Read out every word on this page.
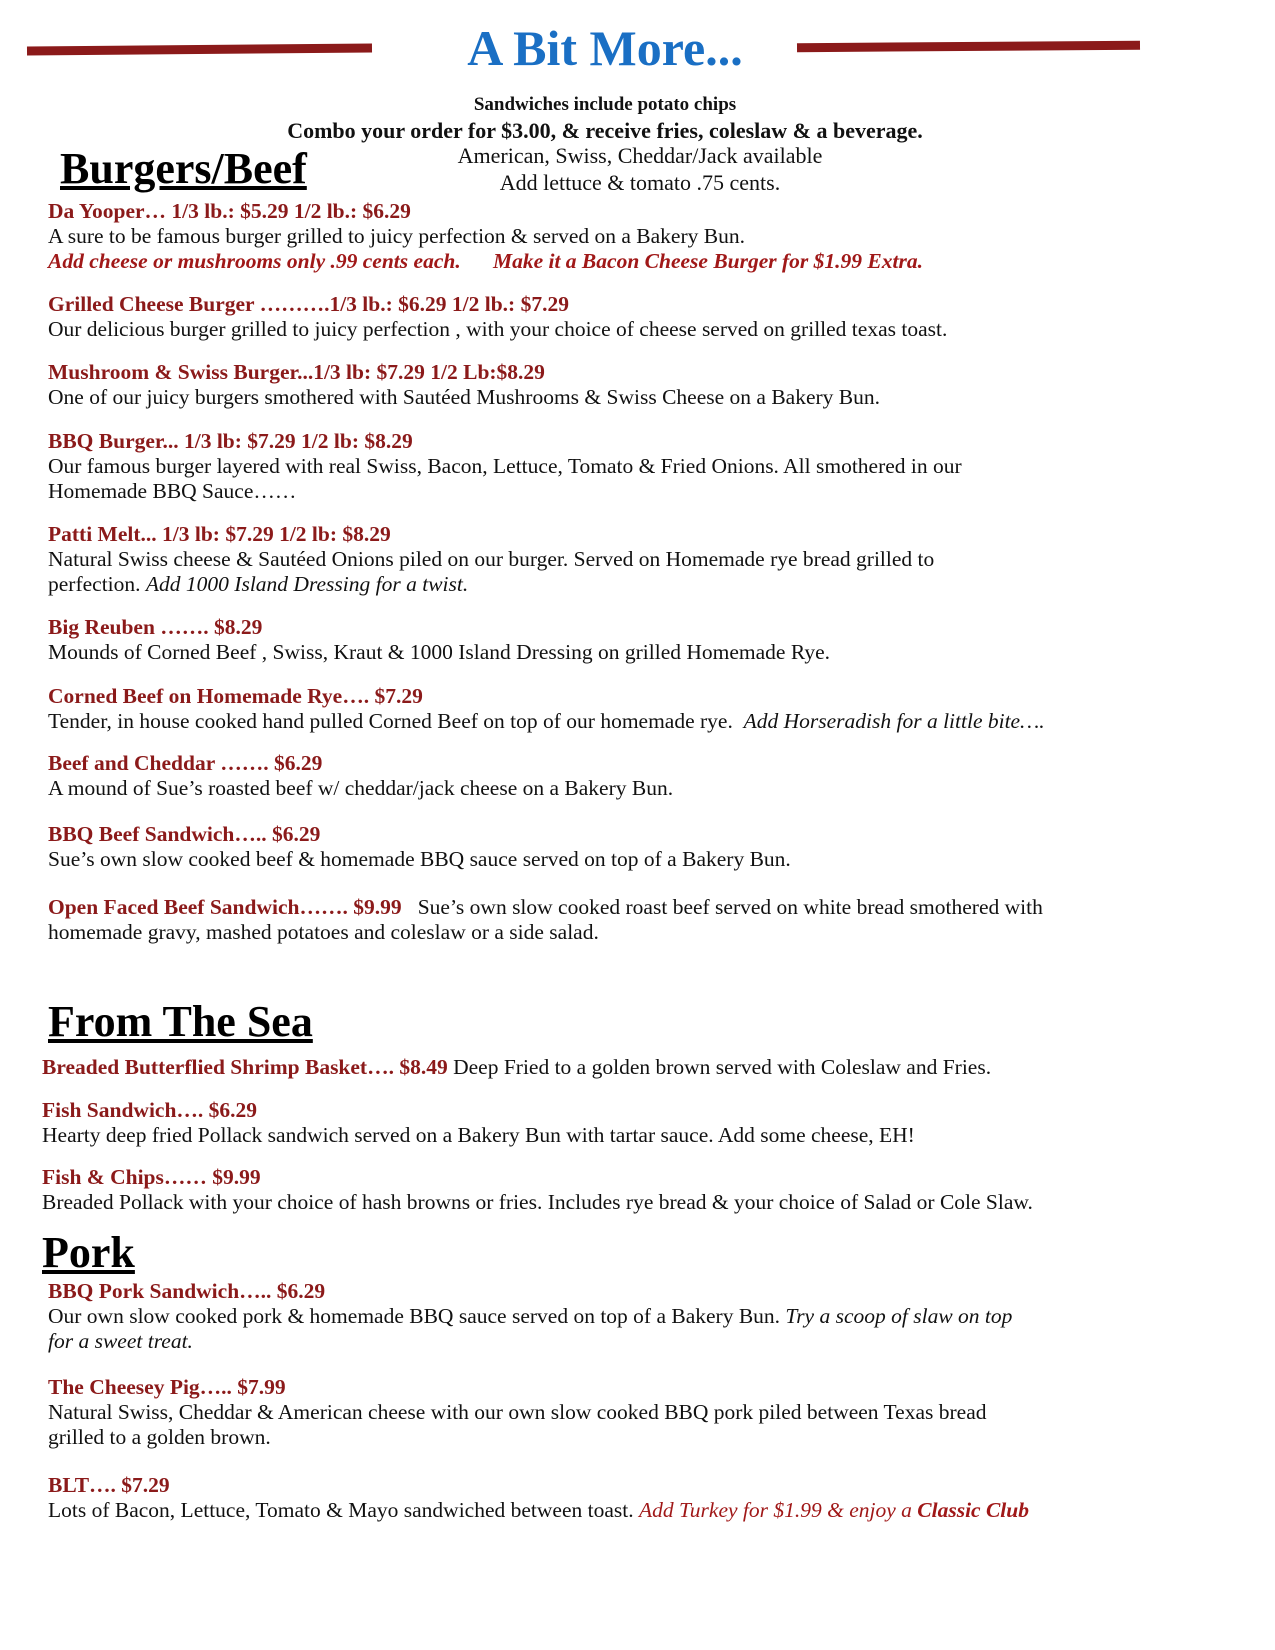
A Bit More...
Sandwiches include potato chips
Combo your order for $3.00, & receive fries, coleslaw & a beverage.
American, Swiss, Cheddar/Jack available
Add lettuce & tomato .75 cents.
Burgers/Beef
Da Yooper… 1/3 lb.: $5.29 1/2 lb.: $6.29
A sure to be famous burger grilled to juicy perfection & served on a Bakery Bun.
Add cheese or mushrooms only .99 cents each. Make it a Bacon Cheese Burger for $1.99 Extra.
Grilled Cheese Burger ……….1/3 lb.: $6.29 1/2 lb.: $7.29
Our delicious burger grilled to juicy perfection , with your choice of cheese served on grilled texas toast.
Mushroom & Swiss Burger...1/3 lb: $7.29 1/2 Lb:$8.29
One of our juicy burgers smothered with Sautéed Mushrooms & Swiss Cheese on a Bakery Bun.
BBQ Burger... 1/3 lb: $7.29 1/2 lb: $8.29
Our famous burger layered with real Swiss, Bacon, Lettuce, Tomato & Fried Onions. All smothered in our
Homemade BBQ Sauce……
Patti Melt... 1/3 lb: $7.29 1/2 lb: $8.29
Natural Swiss cheese & Sautéed Onions piled on our burger. Served on Homemade rye bread grilled to
perfection. Add 1000 Island Dressing for a twist.
Big Reuben ……. $8.29
Mounds of Corned Beef , Swiss, Kraut & 1000 Island Dressing on grilled Homemade Rye.
Corned Beef on Homemade Rye…. $7.29
Tender, in house cooked hand pulled Corned Beef on top of our homemade rye. Add Horseradish for a little bite….
Beef and Cheddar ……. $6.29
A mound of Sue’s roasted beef w/ cheddar/jack cheese on a Bakery Bun.
BBQ Beef Sandwich….. $6.29
Sue’s own slow cooked beef & homemade BBQ sauce served on top of a Bakery Bun.
Open Faced Beef Sandwich……. $9.99 Sue’s own slow cooked roast beef served on white bread smothered with
homemade gravy, mashed potatoes and coleslaw or a side salad.
From The Sea
Breaded Butterflied Shrimp Basket…. $8.49 Deep Fried to a golden brown served with Coleslaw and Fries.
Fish Sandwich…. $6.29
Hearty deep fried Pollack sandwich served on a Bakery Bun with tartar sauce. Add some cheese, EH!
Fish & Chips…… $9.99
Breaded Pollack with your choice of hash browns or fries. Includes rye bread & your choice of Salad or Cole Slaw.
Pork
BBQ Pork Sandwich….. $6.29
Our own slow cooked pork & homemade BBQ sauce served on top of a Bakery Bun. Try a scoop of slaw on top
for a sweet treat.
The Cheesey Pig….. $7.99
Natural Swiss, Cheddar & American cheese with our own slow cooked BBQ pork piled between Texas bread
grilled to a golden brown.
BLT…. $7.29
Lots of Bacon, Lettuce, Tomato & Mayo sandwiched between toast. Add Turkey for $1.99 & enjoy a Classic Club
